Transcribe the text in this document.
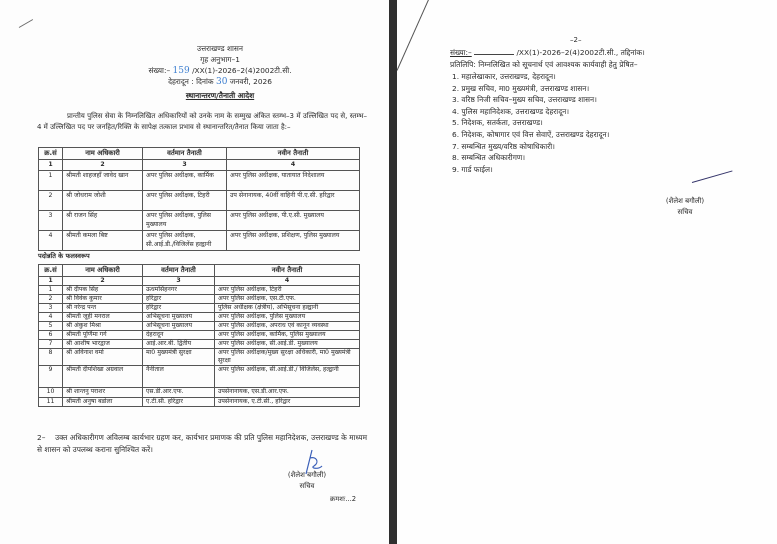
उत्तराखण्ड शासन
गृह अनुभाग–1
संख्या:– 159 /XX(1)-2026–2(4)2002टी.सी.
देहरादून : दिनांक 30 जनवरी, 2026
स्थानान्तरण/तैनाती आदेश
प्रान्तीय पुलिस सेवा के निम्नलिखित अधिकारियों को उनके नाम के सम्मुख अंकित स्तम्भ–3 में उल्लिखित पद से, स्तम्भ–4 में उल्लिखित पद पर जनहित/रिक्ति के सापेक्ष तत्काल प्रभाव से स्थानान्तरित/तैनात किया जाता है:–
क्र.सं	नाम अधिकारी	वर्तमान तैनाती	नवीन तैनाती
1	2	3	4
1	श्रीमती शाहजहाँ जावेद खान	अपर पुलिस अधीक्षक, कार्मिक	अपर पुलिस अधीक्षक, यातायात निदेशालय
2	श्री जोधराम जोशी	अपर पुलिस अधीक्षक, टिहरी	उप सेनानायक, 40वीं वाहिनी पी.ए.सी. हरिद्वार
3	श्री राजन सिंह	अपर पुलिस अधीक्षक, पुलिस मुख्यालय	अपर पुलिस अधीक्षक, पी.ए.सी. मुख्यालय
4	श्रीमती कमला बिष्ट	अपर पुलिस अधीक्षक, सी.आई.डी./विजिलेंस हल्द्वानी	अपर पुलिस अधीक्षक, प्रशिक्षण, पुलिस मुख्यालय
पदोन्नति के फलस्वरूप
क्र.सं	नाम अधिकारी	वर्तमान तैनाती	नवीन तैनाती
1	2	3	4
1	श्री दीपक सिंह	ऊधमसिंहनगर	अपर पुलिस अधीक्षक, टिहरी
2	श्री विवेक कुमार	हरिद्वार	अपर पुलिस अधीक्षक, एस.टी.एफ.
3	श्री नरेन्द्र पन्त	हरिद्वार	पुलिस अधीक्षक (क्षेत्रीय), अभिसूचना हल्द्वानी
4	श्रीमती जूही मनराल	अभिसूचना मुख्यालय	अपर पुलिस अधीक्षक, पुलिस मुख्यालय
5	श्री अंकुश मिश्रा	अभिसूचना मुख्यालय	अपर पुलिस अधीक्षक, अपराध एवं कानून व्यवस्था
6	श्रीमती पूर्णिमा गर्ग	देहरादून	अपर पुलिस अधीक्षक, कार्मिक, पुलिस मुख्यालय
7	श्री आशीष भारद्वाज	आई.आर.बी. द्वितीय	अपर पुलिस अधीक्षक, सी.आई.डी. मुख्यालय
8	श्री अविनाश वर्मा	मा0 मुख्यमंत्री सुरक्षा	अपर पुलिस अधीक्षक/मुख्य सुरक्षा अधिकारी, मा0 मुख्यमंत्री सुरक्षा
9	श्रीमती दीपशिखा अग्रवाल	नैनीताल	अपर पुलिस अधीक्षक, सी.आई.डी./ विजिलेंस, हल्द्वानी
10	श्री शान्तनु पराशर	एस.डी.आर.एफ.	उपसेनानायक, एस.डी.आर.एफ.
11	श्रीमती अनुषा बडोला	ए.टी.सी. हरिद्वार	उपसेनानायक, ए.टी.सी., हरिद्वार
2– उक्त अधिकारीगण अविलम्ब कार्यभार ग्रहण कर, कार्यभार प्रमाणक की प्रति पुलिस महानिदेशक, उत्तराखण्ड के माध्यम से शासन को उपलब्ध कराना सुनिश्चित करें।
(शैलेश बगौली)
सचिव
क्रमशः...2
–2–
संख्या:–	/XX(1)-2026–2(4)2002टी.सी., तद्दिनांक।
प्रतिलिपि: निम्नलिखित को सूचनार्थ एवं आवश्यक कार्यवाही हेतु प्रेषित–
1. महालेखाकार, उत्तराखण्ड, देहरादून।
2. प्रमुख सचिव, मा0 मुख्यमंत्री, उत्तराखण्ड शासन।
3. वरिष्ठ निजी सचिव–मुख्य सचिव, उत्तराखण्ड शासन।
4. पुलिस महानिदेशक, उत्तराखण्ड देहरादून।
5. निदेशक, सतर्कता, उत्तराखण्ड।
6. निदेशक, कोषागार एवं वित्त सेवाऐं, उत्तराखण्ड देहरादून।
7. सम्बन्धित मुख्य/वरिष्ठ कोषाधिकारी।
8. सम्बन्धित अधिकारीगण।
9. गार्ड फाईल।
(शैलेश बगौली)
सचिव
